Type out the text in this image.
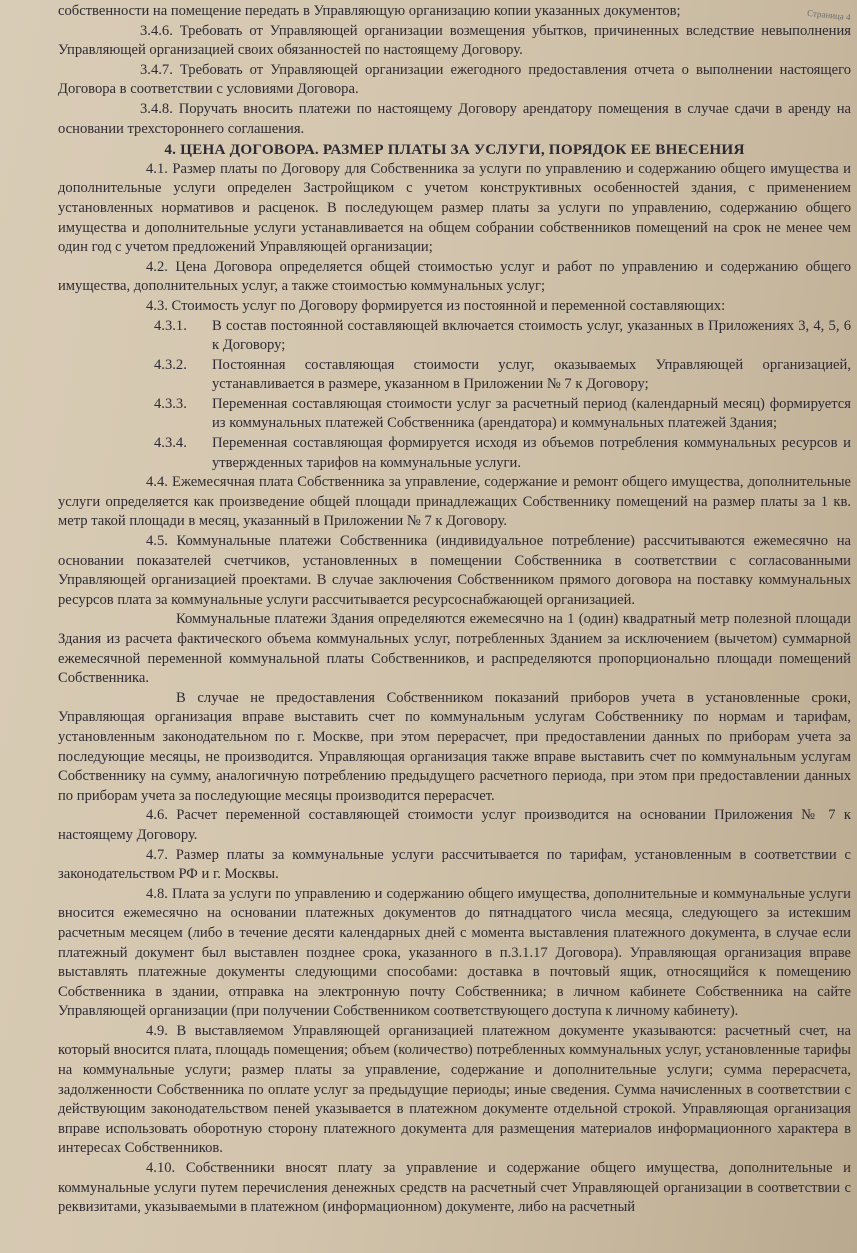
Страница 4

собственности на помещение передать в Управляющую организацию копии указанных документов;

3.4.6. Требовать от Управляющей организации возмещения убытков, причиненных вследствие невыполнения Управляющей организацией своих обязанностей по настоящему Договору.

3.4.7. Требовать от Управляющей организации ежегодного предоставления отчета о выполнении настоящего Договора в соответствии с условиями Договора.

3.4.8. Поручать вносить платежи по настоящему Договору арендатору помещения в случае сдачи в аренду на основании трехстороннего соглашения.

4. ЦЕНА ДОГОВОРА. РАЗМЕР ПЛАТЫ ЗА УСЛУГИ, ПОРЯДОК ЕЕ ВНЕСЕНИЯ

4.1. Размер платы по Договору для Собственника за услуги по управлению и содержанию общего имущества и дополнительные услуги определен Застройщиком с учетом конструктивных особенностей здания, с применением установленных нормативов и расценок. В последующем размер платы за услуги по управлению, содержанию общего имущества и дополнительные услуги устанавливается на общем собрании собственников помещений на срок не менее чем один год с учетом предложений Управляющей организации;

4.2. Цена Договора определяется общей стоимостью услуг и работ по управлению и содержанию общего имущества, дополнительных услуг, а также стоимостью коммунальных услуг;

4.3. Стоимость услуг по Договору формируется из постоянной и переменной составляющих:

4.3.1.	В состав постоянной составляющей включается стоимость услуг, указанных в Приложениях 3, 4, 5, 6 к Договору;
4.3.2.	Постоянная составляющая стоимости услуг, оказываемых Управляющей организацией, устанавливается в размере, указанном в Приложении № 7 к Договору;
4.3.3.	Переменная составляющая стоимости услуг за расчетный период (календарный месяц) формируется из коммунальных платежей Собственника (арендатора) и коммунальных платежей Здания;
4.3.4.	Переменная составляющая формируется исходя из объемов потребления коммунальных ресурсов и утвержденных тарифов на коммунальные услуги.

4.4. Ежемесячная плата Собственника за управление, содержание и ремонт общего имущества, дополнительные услуги определяется как произведение общей площади принадлежащих Собственнику помещений на размер платы за 1 кв. метр такой площади в месяц, указанный в Приложении № 7 к Договору.

4.5. Коммунальные платежи Собственника (индивидуальное потребление) рассчитываются ежемесячно на основании показателей счетчиков, установленных в помещении Собственника в соответствии с согласованными Управляющей организацией проектами. В случае заключения Собственником прямого договора на поставку коммунальных ресурсов плата за коммунальные услуги рассчитывается ресурсоснабжающей организацией.

Коммунальные платежи Здания определяются ежемесячно на 1 (один) квадратный метр полезной площади Здания из расчета фактического объема коммунальных услуг, потребленных Зданием за исключением (вычетом) суммарной ежемесячной переменной коммунальной платы Собственников, и распределяются пропорционально площади помещений Собственника.

В случае не предоставления Собственником показаний приборов учета в установленные сроки, Управляющая организация вправе выставить счет по коммунальным услугам Собственнику по нормам и тарифам, установленным законодательном по г. Москве, при этом перерасчет, при предоставлении данных по приборам учета за последующие месяцы, не производится. Управляющая организация также вправе выставить счет по коммунальным услугам Собственнику на сумму, аналогичную потреблению предыдущего расчетного периода, при этом при предоставлении данных по приборам учета за последующие месяцы производится перерасчет.

4.6. Расчет переменной составляющей стоимости услуг производится на основании Приложения № 7 к настоящему Договору.

4.7. Размер платы за коммунальные услуги рассчитывается по тарифам, установленным в соответствии с законодательством РФ и г. Москвы.

4.8. Плата за услуги по управлению и содержанию общего имущества, дополнительные и коммунальные услуги вносится ежемесячно на основании платежных документов до пятнадцатого числа месяца, следующего за истекшим расчетным месяцем (либо в течение десяти календарных дней с момента выставления платежного документа, в случае если платежный документ был выставлен позднее срока, указанного в п.3.1.17 Договора). Управляющая организация вправе выставлять платежные документы следующими способами: доставка в почтовый ящик, относящийся к помещению Собственника в здании, отправка на электронную почту Собственника; в личном кабинете Собственника на сайте Управляющей организации (при получении Собственником соответствующего доступа к личному кабинету).

4.9. В выставляемом Управляющей организацией платежном документе указываются: расчетный счет, на который вносится плата, площадь помещения; объем (количество) потребленных коммунальных услуг, установленные тарифы на коммунальные услуги; размер платы за управление, содержание и дополнительные услуги; сумма перерасчета, задолженности Собственника по оплате услуг за предыдущие периоды; иные сведения. Сумма начисленных в соответствии с действующим законодательством пеней указывается в платежном документе отдельной строкой. Управляющая организация вправе использовать оборотную сторону платежного документа для размещения материалов информационного характера в интересах Собственников.

4.10. Собственники вносят плату за управление и содержание общего имущества, дополнительные и коммунальные услуги путем перечисления денежных средств на расчетный счет Управляющей организации в соответствии с реквизитами, указываемыми в платежном (информационном) документе, либо на расчетный
